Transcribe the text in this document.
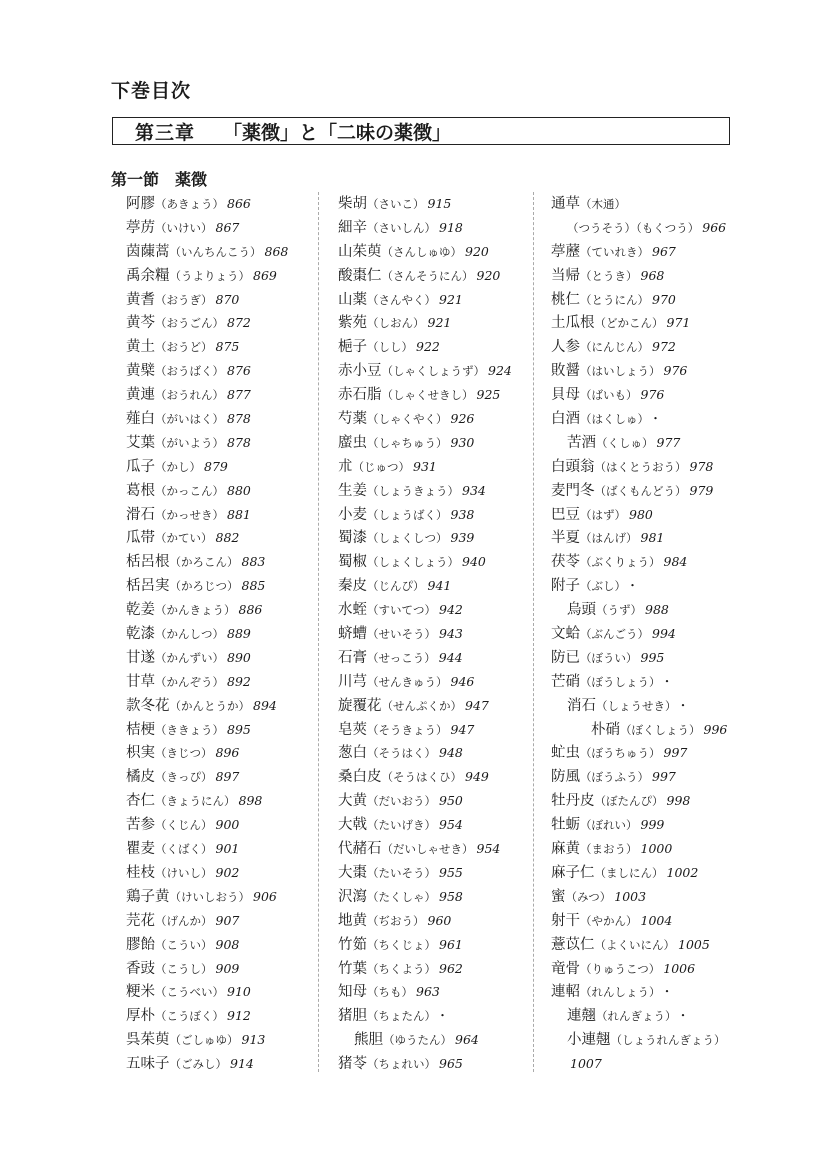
下巻目次
第三章 「薬徴」と「二味の薬徴」
第一節　薬徴
阿膠（あきょう） 866
葶苈（いけい） 867
茵蔯蒿（いんちんこう） 868
禹余糧（うよりょう） 869
黄耆（おうぎ） 870
黄芩（おうごん） 872
黄土（おうど） 875
黄檗（おうばく） 876
黄連（おうれん） 877
薤白（がいはく） 878
艾葉（がいよう） 878
瓜子（かし） 879
葛根（かっこん） 880
滑石（かっせき） 881
瓜帯（かてい） 882
栝呂根（かろこん） 883
栝呂実（かろじつ） 885
乾姜（かんきょう） 886
乾漆（かんしつ） 889
甘遂（かんずい） 890
甘草（かんぞう） 892
款冬花（かんとうか） 894
桔梗（ききょう） 895
枳実（きじつ） 896
橘皮（きっぴ） 897
杏仁（きょうにん） 898
苦参（くじん） 900
瞿麦（くばく） 901
桂枝（けいし） 902
鶏子黄（けいしおう） 906
芫花（げんか） 907
膠飴（こうい） 908
香豉（こうし） 909
粳米（こうべい） 910
厚朴（こうぼく） 912
呉茱萸（ごしゅゆ） 913
五味子（ごみし） 914
柴胡（さいこ） 915
細辛（さいしん） 918
山茱萸（さんしゅゆ） 920
酸棗仁（さんそうにん） 920
山薬（さんやく） 921
紫苑（しおん） 921
梔子（しし） 922
赤小豆（しゃくしょうず） 924
赤石脂（しゃくせきし） 925
芍薬（しゃくやく） 926
䗪虫（しゃちゅう） 930
朮（じゅつ） 931
生姜（しょうきょう） 934
小麦（しょうばく） 938
蜀漆（しょくしつ） 939
蜀椒（しょくしょう） 940
秦皮（じんぴ） 941
水蛭（すいてつ） 942
蛴螬（せいそう） 943
石膏（せっこう） 944
川芎（せんきゅう） 946
旋覆花（せんぷくか） 947
皂莢（そうきょう） 947
葱白（そうはく） 948
桑白皮（そうはくひ） 949
大黄（だいおう） 950
大戟（たいげき） 954
代赭石（だいしゃせき） 954
大棗（たいそう） 955
沢瀉（たくしゃ） 958
地黄（ぢおう） 960
竹筎（ちくじょ） 961
竹葉（ちくよう） 962
知母（ちも） 963
猪胆（ちょたん） ・
熊胆（ゆうたん） 964
猪苓（ちょれい） 965
通草（木通）
（つうそう）（もくつう） 966
葶藶（ていれき） 967
当帰（とうき） 968
桃仁（とうにん） 970
土瓜根（どかこん） 971
人参（にんじん） 972
敗醤（はいしょう） 976
貝母（ばいも） 976
白酒（はくしゅ） ・
苦酒（くしゅ） 977
白頭翁（はくとうおう） 978
麦門冬（ばくもんどう） 979
巴豆（はず） 980
半夏（はんげ） 981
茯苓（ぶくりょう） 984
附子（ぶし） ・
烏頭（うず） 988
文蛤（ぶんごう） 994
防已（ぼうい） 995
芒硝（ぼうしょう） ・
消石（しょうせき） ・
朴硝（ぼくしょう） 996
虻虫（ぼうちゅう） 997
防風（ぼうふう） 997
牡丹皮（ぼたんぴ） 998
牡蛎（ぼれい） 999
麻黄（まおう） 1000
麻子仁（ましにん） 1002
蜜（みつ） 1003
射干（やかん） 1004
薏苡仁（よくいにん） 1005
竜骨（りゅうこつ） 1006
連軺（れんしょう） ・
連翹（れんぎょう） ・
小連翹（しょうれんぎょう）
1007
